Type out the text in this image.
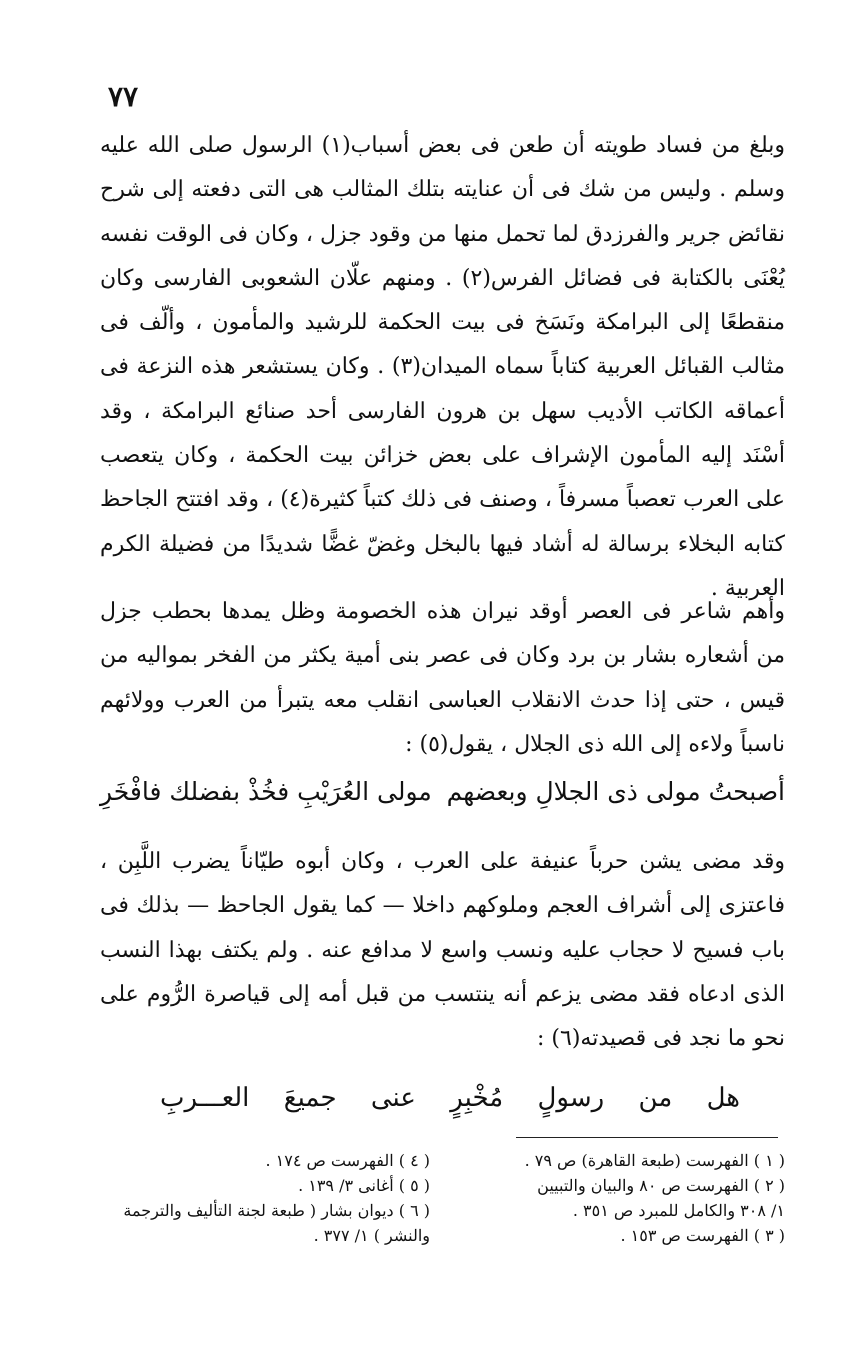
٧٧

وبلغ من فساد طويته أن طعن فى بعض أسباب(١) الرسول صلى الله عليه وسلم . وليس من شك فى أن عنايته بتلك المثالب هى التى دفعته إلى شرح نقائض جرير والفرزدق لما تحمل منها من وقود جزل ، وكان فى الوقت نفسه يُعْنَى بالكتابة فى فضائل الفرس(٢) . ومنهم علّان الشعوبى الفارسى وكان منقطعًا إلى البرامكة ونَسَخ فى بيت الحكمة للرشيد والمأمون ، وألّف فى مثالب القبائل العربية كتاباً سماه الميدان(٣) . وكان يستشعر هذه النزعة فى أعماقه الكاتب الأديب سهل بن هرون الفارسى أحد صنائع البرامكة ، وقد أسْنَد إليه المأمون الإشراف على بعض خزائن بيت الحكمة ، وكان يتعصب على العرب تعصباً مسرفاً ، وصنف فى ذلك كتباً كثيرة(٤) ، وقد افتتح الجاحظ كتابه البخلاء برسالة له أشاد فيها بالبخل وغضّ غضًّا شديدًا من فضيلة الكرم العربية .

أصبحتُ مولى ذى الجلالِ وبعضهم
مولى العُرَيْبِ فخُذْ بفضلك فافْخَرِ

وأهم شاعر فى العصر أوقد نيران هذه الخصومة وظل يمدها بحطب جزل من أشعاره بشار بن برد وكان فى عصر بنى أمية يكثر من الفخر بمواليه من قيس ، حتى إذا حدث الانقلاب العباسى انقلب معه يتبرأ من العرب وولائهم ناسباً ولاءه إلى الله ذى الجلال ، يقول(٥) :

وقد مضى يشن حرباً عنيفة على العرب ، وكان أبوه طيّاناً يضرب اللَّبِن ، فاعتزى إلى أشراف العجم وملوكهم داخلا — كما يقول الجاحظ — بذلك فى باب فسيح لا حجاب عليه ونسب واسع لا مدافع عنه . ولم يكتف بهذا النسب الذى ادعاه فقد مضى يزعم أنه ينتسب من قبل أمه إلى قياصرة الرُّوم على نحو ما نجد فى قصيدته(٦) :

هل
من
رسولٍ
مُخْبِرٍ
عنى
جميعَ
العـــربِ

( ١ ) الفهرست (طبعة القاهرة) ص ٧٩ .

( ٢ ) الفهرست ص ٨٠ والبيان والتبيين

١/ ٣٠٨ والكامل للمبرد ص ٣٥١ .

( ٣ ) الفهرست ص ١٥٣ .

( ٤ ) الفهرست ص ١٧٤ .

( ٥ ) أغانى ٣/ ١٣٩ .

( ٦ ) ديوان بشار ( طبعة لجنة التأليف والترجمة

والنشر ) ١/ ٣٧٧ .
